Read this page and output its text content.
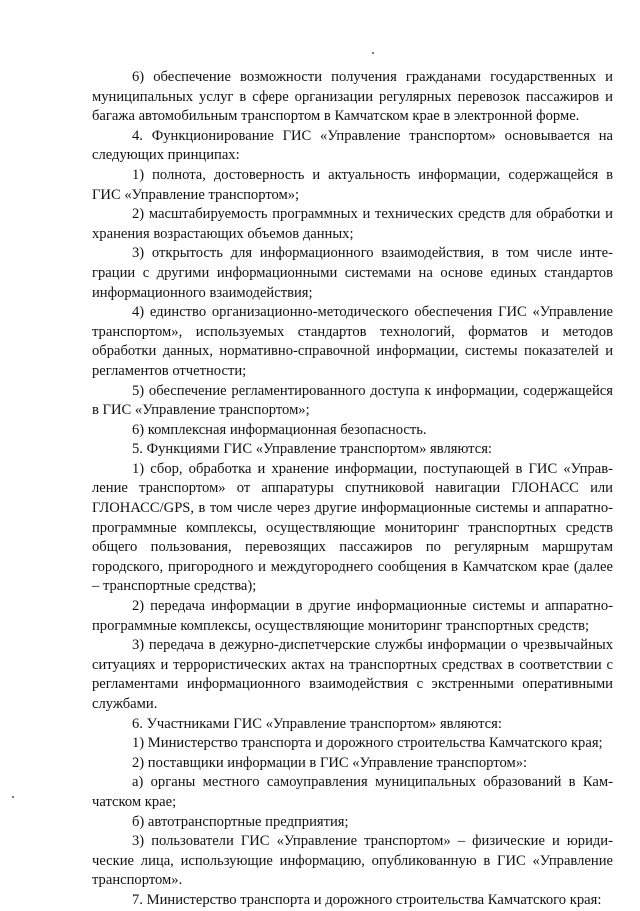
6) обеспечение возможности получения гражданами государственных и муниципальных услуг в сфере организации регулярных перевозок пассажиров и багажа автомобильным транспортом в Камчатском крае в электронной форме.

4. Функционирование ГИС «Управление транспортом» основывается на следующих принципах:

1) полнота, достоверность и актуальность информации, содержащейся в ГИС «Управление транспортом»;

2) масштабируемость программных и технических средств для обработки и хранения возрастающих объемов данных;

3) открытость для информационного взаимодействия, в том числе интеграции с другими информационными системами на основе единых стандартов информационного взаимодействия;

4) единство организационно-методического обеспечения ГИС «Управление транспортом», используемых стандартов технологий, форматов и методов обработки данных, нормативно-справочной информации, системы показателей и регламентов отчетности;

5) обеспечение регламентированного доступа к информации, содержащейся в ГИС «Управление транспортом»;

6) комплексная информационная безопасность.

5. Функциями ГИС «Управление транспортом» являются:

1) сбор, обработка и хранение информации, поступающей в ГИС «Управление транспортом» от аппаратуры спутниковой навигации ГЛОНАСС или ГЛОНАСС/GPS, в том числе через другие информационные системы и аппаратно-программные комплексы, осуществляющие мониторинг транспортных средств общего пользования, перевозящих пассажиров по регулярным маршрутам городского, пригородного и междугороднего сообщения в Камчатском крае (далее – транспортные средства);

2) передача информации в другие информационные системы и аппаратно-программные комплексы, осуществляющие мониторинг транспортных средств;

3) передача в дежурно-диспетчерские службы информации о чрезвычайных ситуациях и террористических актах на транспортных средствах в соответствии с регламентами информационного взаимодействия с экстренными оперативными службами.

6. Участниками ГИС «Управление транспортом» являются:

1) Министерство транспорта и дорожного строительства Камчатского края;

2) поставщики информации в ГИС «Управление транспортом»:

а) органы местного самоуправления муниципальных образований в Камчатском крае;

б) автотранспортные предприятия;

3) пользователи ГИС «Управление транспортом» – физические и юридические лица, использующие информацию, опубликованную в ГИС «Управление транспортом».

7. Министерство транспорта и дорожного строительства Камчатского края:
